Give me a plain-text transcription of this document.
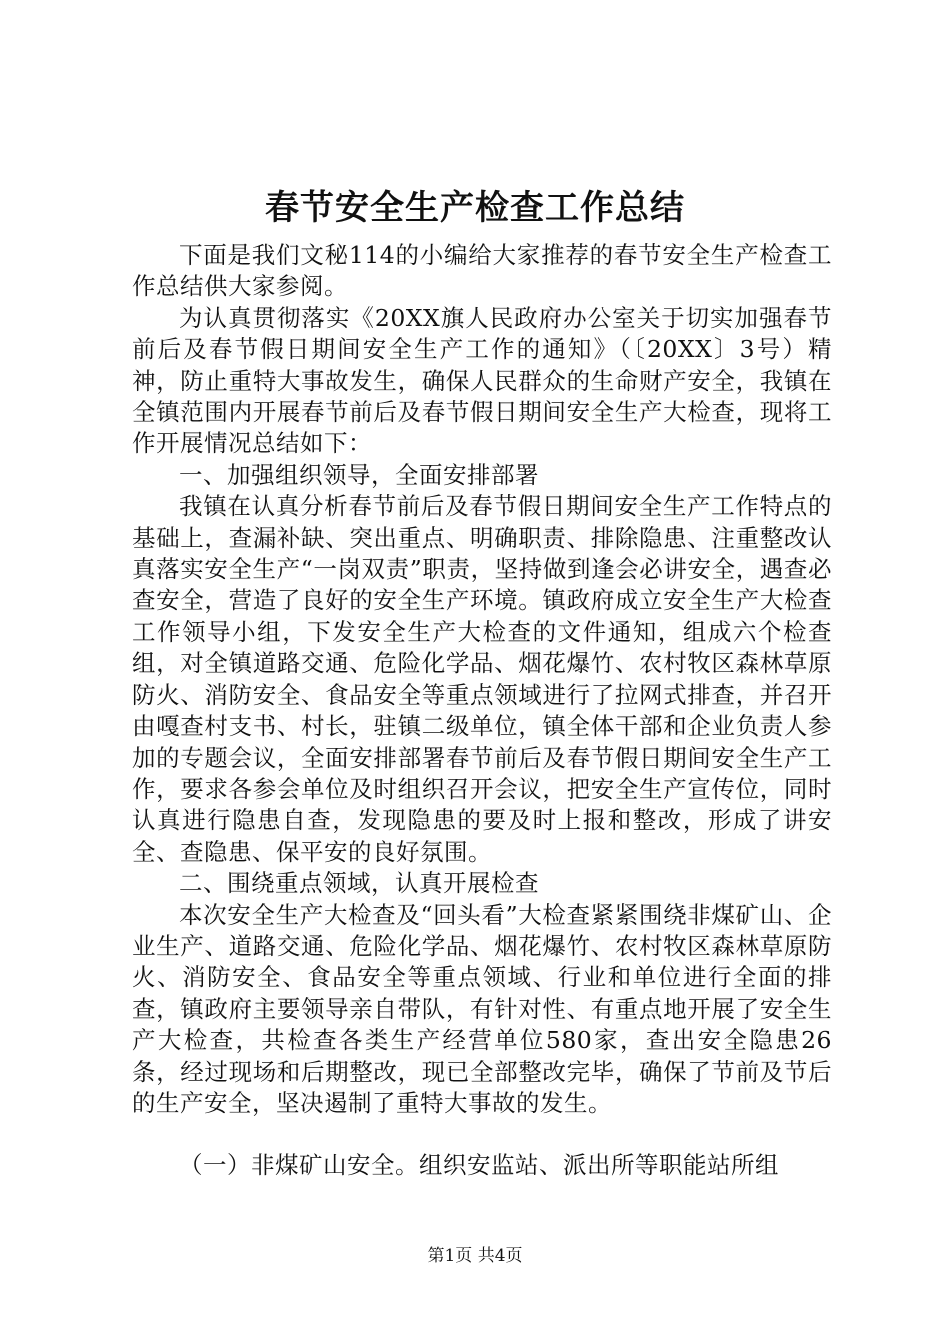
春节安全生产检查工作总结

下面是我们文秘114的小编给大家推荐的春节安全生产检查工作总结供大家参阅。

为认真贯彻落实《20XX旗人民政府办公室关于切实加强春节前后及春节假日期间安全生产工作的通知》（〔20XX〕3号）精神，防止重特大事故发生，确保人民群众的生命财产安全，我镇在全镇范围内开展春节前后及春节假日期间安全生产大检查，现将工作开展情况总结如下：

一、加强组织领导，全面安排部署

我镇在认真分析春节前后及春节假日期间安全生产工作特点的基础上，查漏补缺、突出重点、明确职责、排除隐患、注重整改认真落实安全生产“一岗双责”职责，坚持做到逢会必讲安全，遇查必查安全，营造了良好的安全生产环境。镇政府成立安全生产大检查工作领导小组，下发安全生产大检查的文件通知，组成六个检查组，对全镇道路交通、危险化学品、烟花爆竹、农村牧区森林草原防火、消防安全、食品安全等重点领域进行了拉网式排查，并召开由嘎查村支书、村长，驻镇二级单位，镇全体干部和企业负责人参加的专题会议，全面安排部署春节前后及春节假日期间安全生产工作，要求各参会单位及时组织召开会议，把安全生产宣传位，同时认真进行隐患自查，发现隐患的要及时上报和整改，形成了讲安全、查隐患、保平安的良好氛围。

二、围绕重点领域，认真开展检查

本次安全生产大检查及“回头看”大检查紧紧围绕非煤矿山、企业生产、道路交通、危险化学品、烟花爆竹、农村牧区森林草原防火、消防安全、食品安全等重点领域、行业和单位进行全面的排查，镇政府主要领导亲自带队，有针对性、有重点地开展了安全生产大检查，共检查各类生产经营单位580家，查出安全隐患26条，经过现场和后期整改，现已全部整改完毕，确保了节前及节后的生产安全，坚决遏制了重特大事故的发生。

（一）非煤矿山安全。组织安监站、派出所等职能站所组

第1页 共4页
